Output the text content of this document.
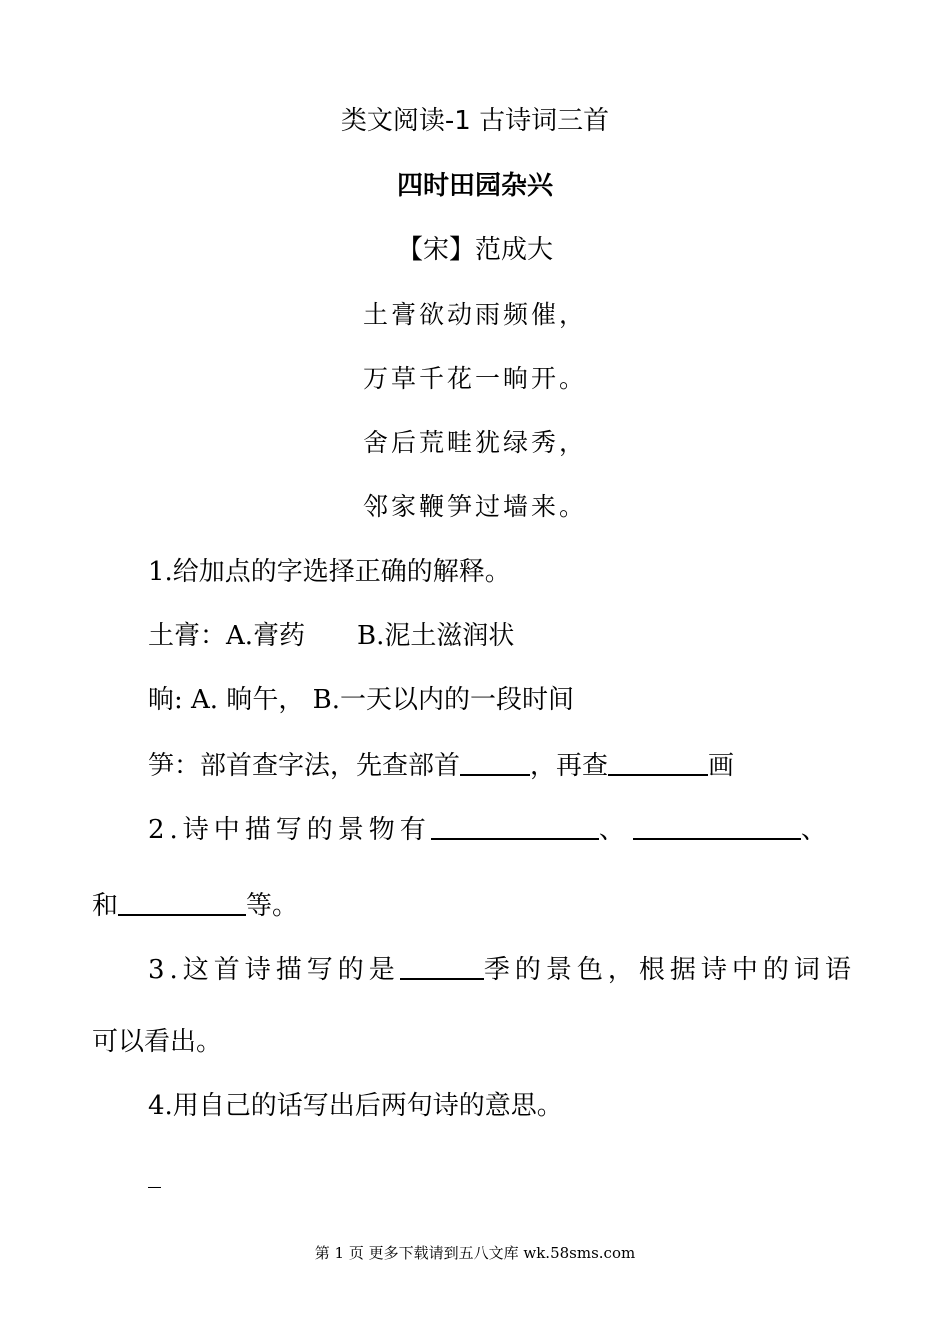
类文阅读-1 古诗词三首
四时田园杂兴
【宋】范成大
土膏欲动雨频催，
万草千花一晌开。
舍后荒畦犹绿秀，
邻家鞭笋过墙来。
1.给加点的字选择正确的解释。
土膏：A.膏药　　B.泥土滋润状
晌: A. 晌午， B.一天以内的一段时间
笋：部首查字法，先查部首	，再查	画
2.诗中描写的景物有	、	、
和	等。
3.这首诗描写的是	季的景色，根据诗中的词语
可以看出。
4.用自己的话写出后两句诗的意思。
_
第 1 页 更多下载请到五八文库 wk.58sms.com
